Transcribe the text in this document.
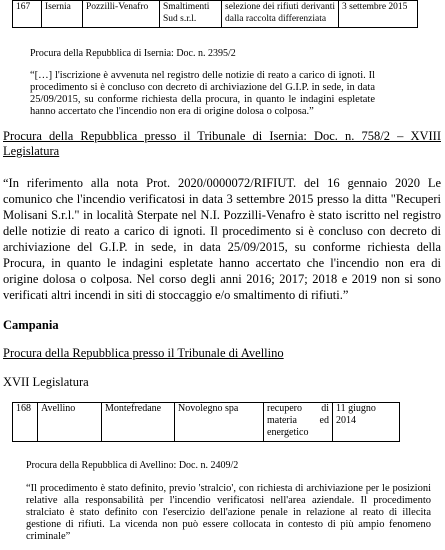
167	Isernia	Pozzilli-Venafro	Smaltimenti Sud s.r.l.	selezione dei rifiuti derivanti dalla raccolta differenziata	3 settembre 2015
Procura della Repubblica di Isernia: Doc. n. 2395/2
“[…] l'iscrizione è avvenuta nel registro delle notizie di reato a carico di ignoti. Il procedimento si è concluso con decreto di archiviazione del G.I.P. in sede, in data 25/09/2015, su conforme richiesta della procura, in quanto le indagini espletate hanno accertato che l'incendio non era di origine dolosa o colposa.”
Procura della Repubblica presso il Tribunale di Isernia: Doc. n. 758/2 – XVIII Legislatura
“In riferimento alla nota Prot. 2020/0000072/RIFIUT. del 16 gennaio 2020 Le comunico che l'incendio verificatosi in data 3 settembre 2015 presso la ditta "Recuperi Molisani S.r.l." in località Sterpate nel N.I. Pozzilli-Venafro è stato iscritto nel registro delle notizie di reato a carico di ignoti. Il procedimento si è concluso con decreto di archiviazione del G.I.P. in sede, in data 25/09/2015, su conforme richiesta della Procura, in quanto le indagini espletate hanno accertato che l'incendio non era di origine dolosa o colposa. Nel corso degli anni 2016; 2017; 2018 e 2019 non si sono verificati altri incendi in siti di stoccaggio e/o smaltimento di rifiuti.”
Campania
Procura della Repubblica presso il Tribunale di Avellino
XVII Legislatura
168	Avellino	Montefredane	Novolegno spa	recupero di materia ed energetico	11 giugno 2014
Procura della Repubblica di Avellino: Doc. n. 2409/2
“Il procedimento è stato definito, previo 'stralcio', con richiesta di archiviazione per le posizioni relative alla responsabilità per l'incendio verificatosi nell'area aziendale. Il procedimento stralciato è stato definito con l'esercizio dell'azione penale in relazione al reato di illecita gestione di rifiuti. La vicenda non può essere collocata in contesto di più ampio fenomeno criminale”
